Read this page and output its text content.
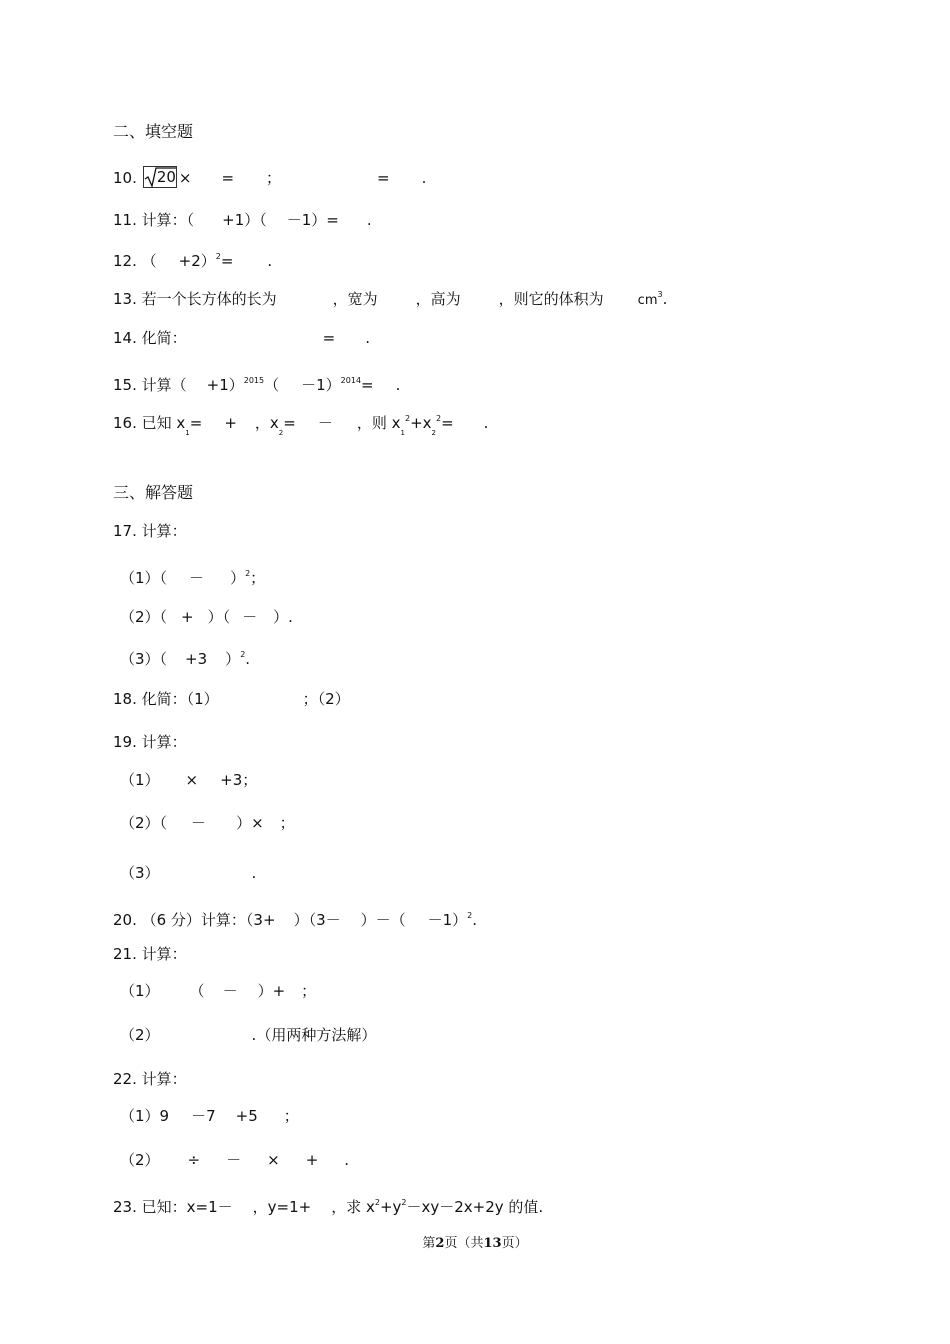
二、填空题
10. 20 × = ；	= .
11. 计算：（ +1）（ －1）= .
12. （ +2）$^2$= .
13. 若一个长方体的长为	，宽为	，高为	，则它的体积为	$cm^3$.
14. 化简：	= .
15. 计算（ $+1)^{2015}( -1)^{2014}=$ .
16. 已知 $x_1=$ + ，$x_2=$ － ，则 $x_1^2+x_2^2=$ .
三、解答题
17. 计算：
$(1)( - )^2$；
（2）（ + ）（ － ）.
（3）（ +3 ）$^2$.
18. 化简：（1）	；（2）
19. 计算：
（1） × +3；
（2）（ － ）× ；
（3）	.
20. （6 分）计算：（3+ ）（3－ ）－（ －1）$^2$.
21. 计算：
（1） （ － ）+ ；
（2）	.（用两种方法解）
22. 计算：
（1）9 －7 +5 ；
（2） ÷ － × + .
23. 已知：x=1－ ，y=1+ ，求 $x^2+y^2-xy-2x+2y$ 的值.
第2页（共13页）
